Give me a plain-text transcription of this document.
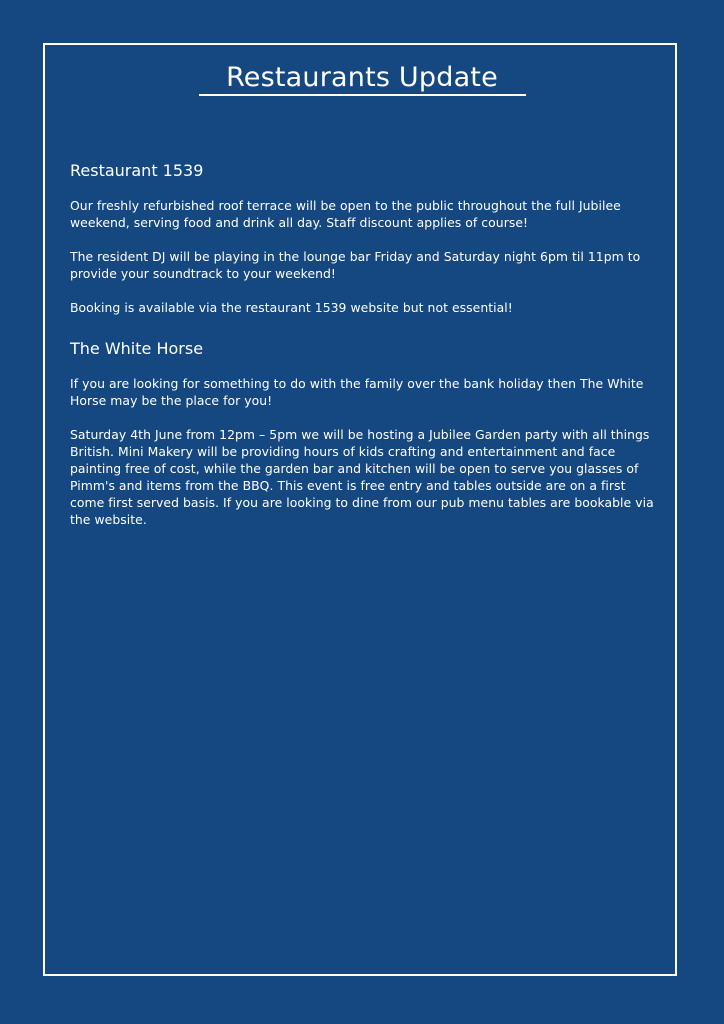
Restaurants Update
Restaurant 1539

Our freshly refurbished roof terrace will be open to the public throughout the full Jubilee weekend, serving food and drink all day. Staff discount applies of course!

The resident DJ will be playing in the lounge bar Friday and Saturday night 6pm til 11pm to provide your soundtrack to your weekend!

Booking is available via the restaurant 1539 website but not essential!

The White Horse

If you are looking for something to do with the family over the bank holiday then The White Horse may be the place for you!

Saturday 4th June from 12pm – 5pm we will be hosting a Jubilee Garden party with all things British. Mini Makery will be providing hours of kids crafting and entertainment and face painting free of cost, while the garden bar and kitchen will be open to serve you glasses of Pimm's and items from the BBQ. This event is free entry and tables outside are on a first come first served basis. If you are looking to dine from our pub menu tables are bookable via the website.
